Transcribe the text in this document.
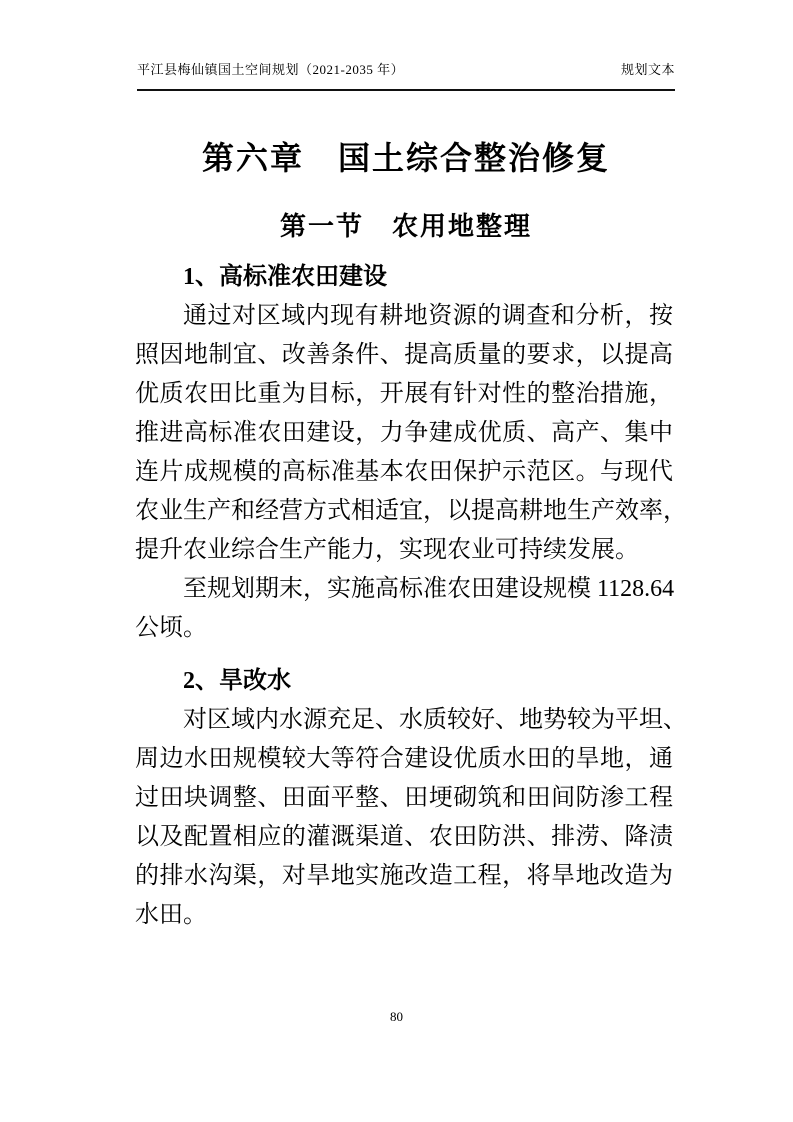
平江县梅仙镇国土空间规划（2021-2035 年）	规划文本
第六章　国土综合整治修复
第一节　农用地整理
1、高标准农田建设
通过对区域内现有耕地资源的调查和分析，按
照因地制宜、改善条件、提高质量的要求，以提高
优质农田比重为目标，开展有针对性的整治措施，
推进高标准农田建设，力争建成优质、高产、集中
连片成规模的高标准基本农田保护示范区。与现代
农业生产和经营方式相适宜，以提高耕地生产效率，
提升农业综合生产能力，实现农业可持续发展。
至规划期末，实施高标准农田建设规模 1128.64
公顷。
2、旱改水
对区域内水源充足、水质较好、地势较为平坦、
周边水田规模较大等符合建设优质水田的旱地，通
过田块调整、田面平整、田埂砌筑和田间防渗工程
以及配置相应的灌溉渠道、农田防洪、排涝、降渍
的排水沟渠，对旱地实施改造工程，将旱地改造为
水田。
80
